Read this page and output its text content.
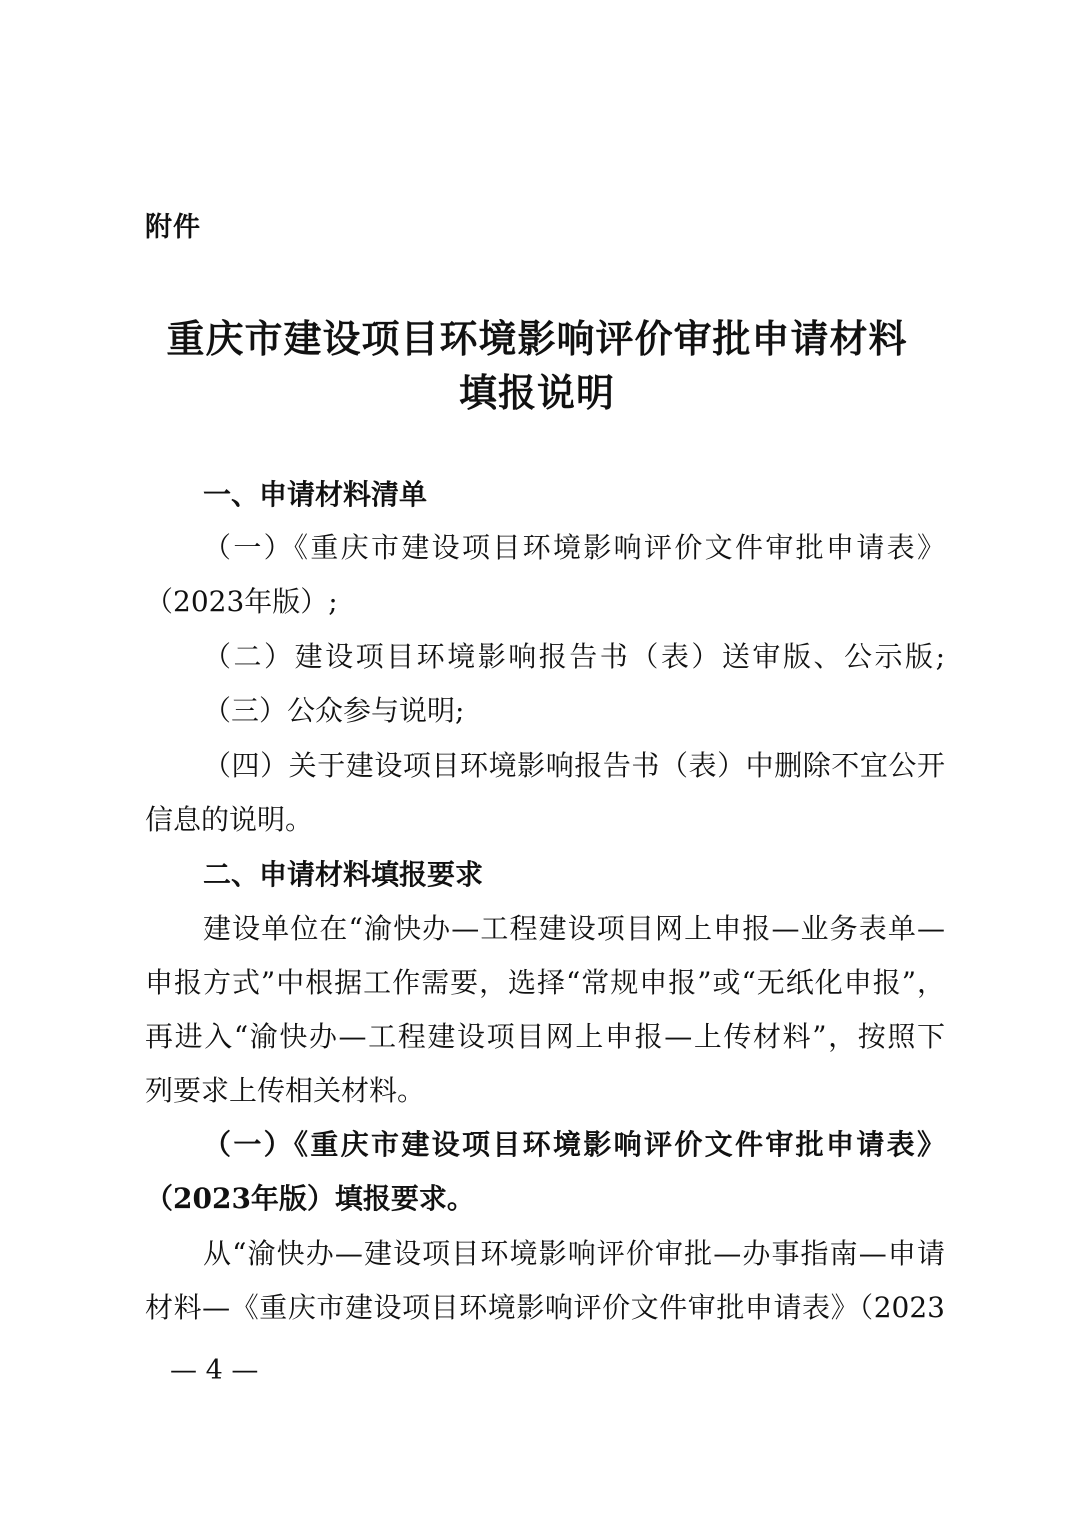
附件
重庆市建设项目环境影响评价审批申请材料
填报说明
一、申请材料清单
（一）《重庆市建设项目环境影响评价文件审批申请表》
（2023年版）;
（二）建设项目环境影响报告书（表）送审版、公示版;
（三）公众参与说明;
（四）关于建设项目环境影响报告书（表）中删除不宜公开
信息的说明。
二、申请材料填报要求
建设单位在“渝快办—工程建设项目网上申报—业务表单—
申报方式”中根据工作需要，选择“常规申报”或“无纸化申报”，
再进入“渝快办—工程建设项目网上申报—上传材料”，按照下
列要求上传相关材料。
（一）《重庆市建设项目环境影响评价文件审批申请表》
（2023年版）填报要求。
从“渝快办—建设项目环境影响评价审批—办事指南—申请
材料—《重庆市建设项目环境影响评价文件审批申请表》（2023
— 4 —
